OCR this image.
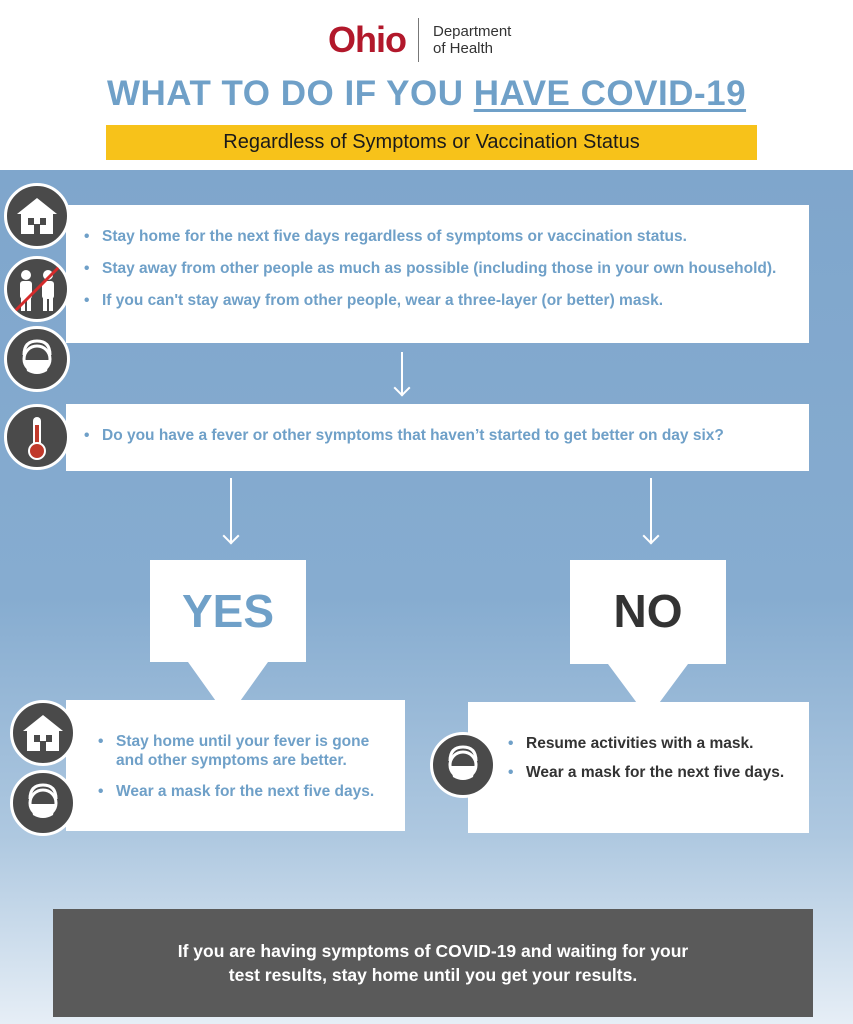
Ohio Department
of Health
WHAT TO DO IF YOU HAVE COVID-19
Regardless of Symptoms or Vaccination Status
• Stay home for the next five days regardless of symptoms or vaccination status.
• Stay away from other people as much as possible (including those in your own household).
• If you can't stay away from other people, wear a three-layer (or better) mask.
• Do you have a fever or other symptoms that haven’t started to get better on day six?
YES	NO
• Stay home until your fever is gone and other symptoms are better.
• Wear a mask for the next five days.
• Resume activities with a mask.
• Wear a mask for the next five days.
If you are having symptoms of COVID-19 and waiting for your
test results, stay home until you get your results.
